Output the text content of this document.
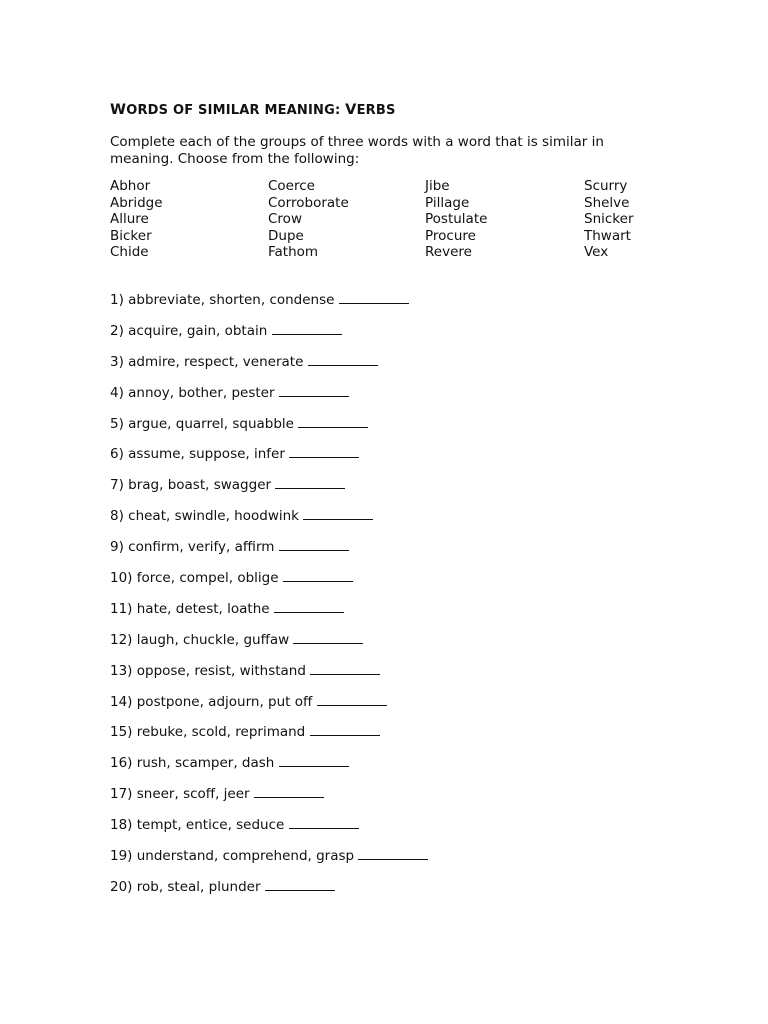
WORDS OF SIMILAR MEANING: VERBS

Complete each of the groups of three words with a word that is similar in meaning. Choose from the following:

Abhor
Abridge
Allure
Bicker
Chide
Coerce
Corroborate
Crow
Dupe
Fathom
Jibe
Pillage
Postulate
Procure
Revere
Scurry
Shelve
Snicker
Thwart
Vex
1) abbreviate, shorten, condense
2) acquire, gain, obtain
3) admire, respect, venerate
4) annoy, bother, pester
5) argue, quarrel, squabble
6) assume, suppose, infer
7) brag, boast, swagger
8) cheat, swindle, hoodwink
9) confirm, verify, affirm
10) force, compel, oblige
11) hate, detest, loathe
12) laugh, chuckle, guffaw
13) oppose, resist, withstand
14) postpone, adjourn, put off
15) rebuke, scold, reprimand
16) rush, scamper, dash
17) sneer, scoff, jeer
18) tempt, entice, seduce
19) understand, comprehend, grasp
20) rob, steal, plunder
